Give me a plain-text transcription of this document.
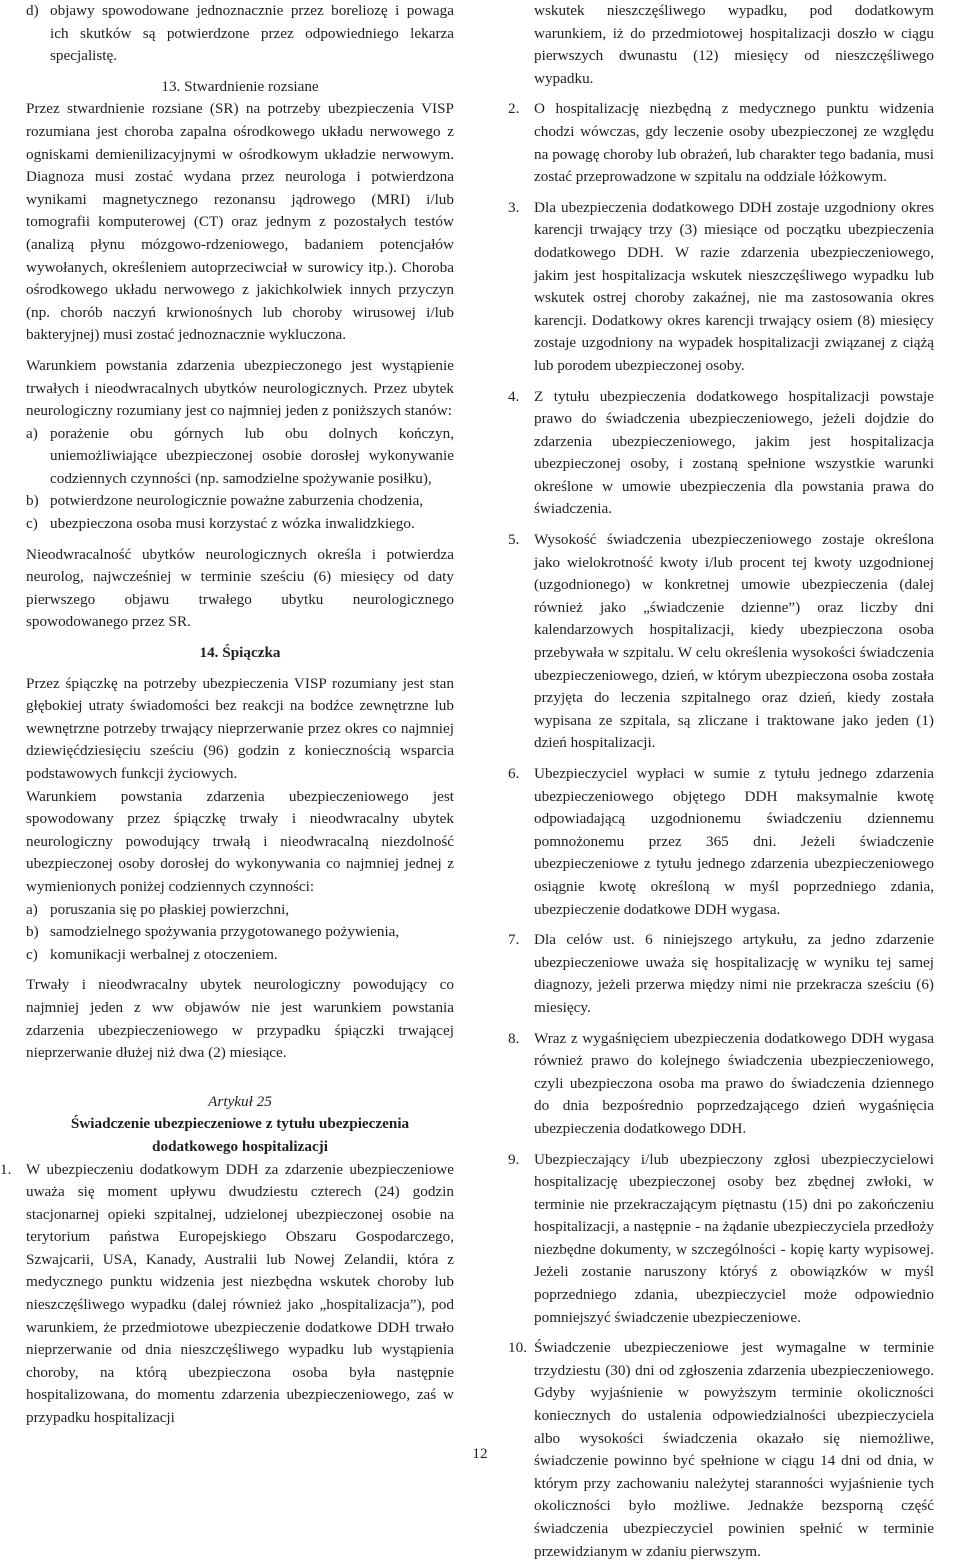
d) objawy spowodowane jednoznacznie przez boreliozę i powaga ich skutków są potwierdzone przez odpowiedniego lekarza specjalistę.

13. Stwardnienie rozsiane

Przez stwardnienie rozsiane (SR) na potrzeby ubezpieczenia VISP rozumiana jest choroba zapalna ośrodkowego układu nerwowego z ogniskami demienilizacyjnymi w ośrodkowym układzie nerwowym. Diagnoza musi zostać wydana przez neurologa i potwierdzona wynikami magnetycznego rezonansu jądrowego (MRI) i/lub tomografii komputerowej (CT) oraz jednym z pozostałych testów (analizą płynu mózgowo-rdzeniowego, badaniem potencjałów wywołanych, określeniem autoprzeciwciał w surowicy itp.). Choroba ośrodkowego układu nerwowego z jakichkolwiek innych przyczyn (np. chorób naczyń krwionośnych lub choroby wirusowej i/lub bakteryjnej) musi zostać jednoznacznie wykluczona.

Warunkiem powstania zdarzenia ubezpieczonego jest wystąpienie trwałych i nieodwracalnych ubytków neurologicznych. Przez ubytek neurologiczny rozumiany jest co najmniej jeden z poniższych stanów:

a) porażenie obu górnych lub obu dolnych kończyn, uniemożliwiające ubezpieczonej osobie dorosłej wykonywanie codziennych czynności (np. samodzielne spożywanie posiłku),
b) potwierdzone neurologicznie poważne zaburzenia chodzenia,
c) ubezpieczona osoba musi korzystać z wózka inwalidzkiego.

Nieodwracalność ubytków neurologicznych określa i potwierdza neurolog, najwcześniej w terminie sześciu (6) miesięcy od daty pierwszego objawu trwałego ubytku neurologicznego spowodowanego przez SR.

14. Śpiączka

Przez śpiączkę na potrzeby ubezpieczenia VISP rozumiany jest stan głębokiej utraty świadomości bez reakcji na bodźce zewnętrzne lub wewnętrzne potrzeby trwający nieprzerwanie przez okres co najmniej dziewięćdziesięciu sześciu (96) godzin z koniecznością wsparcia podstawowych funkcji życiowych.

Warunkiem powstania zdarzenia ubezpieczeniowego jest spowodowany przez śpiączkę trwały i nieodwracalny ubytek neurologiczny powodujący trwałą i nieodwracalną niezdolność ubezpieczonej osoby dorosłej do wykonywania co najmniej jednej z wymienionych poniżej codziennych czynności:

a) poruszania się po płaskiej powierzchni,
b) samodzielnego spożywania przygotowanego pożywienia,
c) komunikacji werbalnej z otoczeniem.

Trwały i nieodwracalny ubytek neurologiczny powodujący co najmniej jeden z ww objawów nie jest warunkiem powstania zdarzenia ubezpieczeniowego w przypadku śpiączki trwającej nieprzerwanie dłużej niż dwa (2) miesiące.

Artykuł 25

Świadczenie ubezpieczeniowe z tytułu ubezpieczenia dodatkowego hospitalizacji

1. W ubezpieczeniu dodatkowym DDH za zdarzenie ubezpieczeniowe uważa się moment upływu dwudziestu czterech (24) godzin stacjonarnej opieki szpitalnej, udzielonej ubezpieczonej osobie na terytorium państwa Europejskiego Obszaru Gospodarczego, Szwajcarii, USA, Kanady, Australii lub Nowej Zelandii, która z medycznego punktu widzenia jest niezbędna wskutek choroby lub nieszczęśliwego wypadku (dalej również jako „hospitalizacja”), pod warunkiem, że przedmiotowe ubezpieczenie dodatkowe DDH trwało nieprzerwanie od dnia nieszczęśliwego wypadku lub wystąpienia choroby, na którą ubezpieczona osoba była następnie hospitalizowana, do momentu zdarzenia ubezpieczeniowego, zaś w przypadku hospitalizacji

wskutek nieszczęśliwego wypadku, pod dodatkowym warunkiem, iż do przedmiotowej hospitalizacji doszło w ciągu pierwszych dwunastu (12) miesięcy od nieszczęśliwego wypadku.

2. O hospitalizację niezbędną z medycznego punktu widzenia chodzi wówczas, gdy leczenie osoby ubezpieczonej ze względu na powagę choroby lub obrażeń, lub charakter tego badania, musi zostać przeprowadzone w szpitalu na oddziale łóżkowym.
3. Dla ubezpieczenia dodatkowego DDH zostaje uzgodniony okres karencji trwający trzy (3) miesiące od początku ubezpieczenia dodatkowego DDH. W razie zdarzenia ubezpieczeniowego, jakim jest hospitalizacja wskutek nieszczęśliwego wypadku lub wskutek ostrej choroby zakaźnej, nie ma zastosowania okres karencji. Dodatkowy okres karencji trwający osiem (8) miesięcy zostaje uzgodniony na wypadek hospitalizacji związanej z ciążą lub porodem ubezpieczonej osoby.
4. Z tytułu ubezpieczenia dodatkowego hospitalizacji powstaje prawo do świadczenia ubezpieczeniowego, jeżeli dojdzie do zdarzenia ubezpieczeniowego, jakim jest hospitalizacja ubezpieczonej osoby, i zostaną spełnione wszystkie warunki określone w umowie ubezpieczenia dla powstania prawa do świadczenia.
5. Wysokość świadczenia ubezpieczeniowego zostaje określona jako wielokrotność kwoty i/lub procent tej kwoty uzgodnionej (uzgodnionego) w konkretnej umowie ubezpieczenia (dalej również jako „świadczenie dzienne”) oraz liczby dni kalendarzowych hospitalizacji, kiedy ubezpieczona osoba przebywała w szpitalu. W celu określenia wysokości świadczenia ubezpieczeniowego, dzień, w którym ubezpieczona osoba została przyjęta do leczenia szpitalnego oraz dzień, kiedy została wypisana ze szpitala, są zliczane i traktowane jako jeden (1) dzień hospitalizacji.
6. Ubezpieczyciel wypłaci w sumie z tytułu jednego zdarzenia ubezpieczeniowego objętego DDH maksymalnie kwotę odpowiadającą uzgodnionemu świadczeniu dziennemu pomnożonemu przez 365 dni. Jeżeli świadczenie ubezpieczeniowe z tytułu jednego zdarzenia ubezpieczeniowego osiągnie kwotę określoną w myśl poprzedniego zdania, ubezpieczenie dodatkowe DDH wygasa.
7. Dla celów ust. 6 niniejszego artykułu, za jedno zdarzenie ubezpieczeniowe uważa się hospitalizację w wyniku tej samej diagnozy, jeżeli przerwa między nimi nie przekracza sześciu (6) miesięcy.
8. Wraz z wygaśnięciem ubezpieczenia dodatkowego DDH wygasa również prawo do kolejnego świadczenia ubezpieczeniowego, czyli ubezpieczona osoba ma prawo do świadczenia dziennego do dnia bezpośrednio poprzedzającego dzień wygaśnięcia ubezpieczenia dodatkowego DDH.
9. Ubezpieczający i/lub ubezpieczony zgłosi ubezpieczycielowi hospitalizację ubezpieczonej osoby bez zbędnej zwłoki, w terminie nie przekraczającym piętnastu (15) dni po zakończeniu hospitalizacji, a następnie - na żądanie ubezpieczyciela przedłoży niezbędne dokumenty, w szczególności - kopię karty wypisowej. Jeżeli zostanie naruszony któryś z obowiązków w myśl poprzedniego zdania, ubezpieczyciel może odpowiednio pomniejszyć świadczenie ubezpieczeniowe.
10. Świadczenie ubezpieczeniowe jest wymagalne w terminie trzydziestu (30) dni od zgłoszenia zdarzenia ubezpieczeniowego. Gdyby wyjaśnienie w powyższym terminie okoliczności koniecznych do ustalenia odpowiedzialności ubezpieczyciela albo wysokości świadczenia okazało się niemożliwe, świadczenie powinno być spełnione w ciągu 14 dni od dnia, w którym przy zachowaniu należytej staranności wyjaśnienie tych okoliczności było możliwe. Jednakże bezsporną część świadczenia ubezpieczyciel powinien spełnić w terminie przewidzianym w zdaniu pierwszym.
12
